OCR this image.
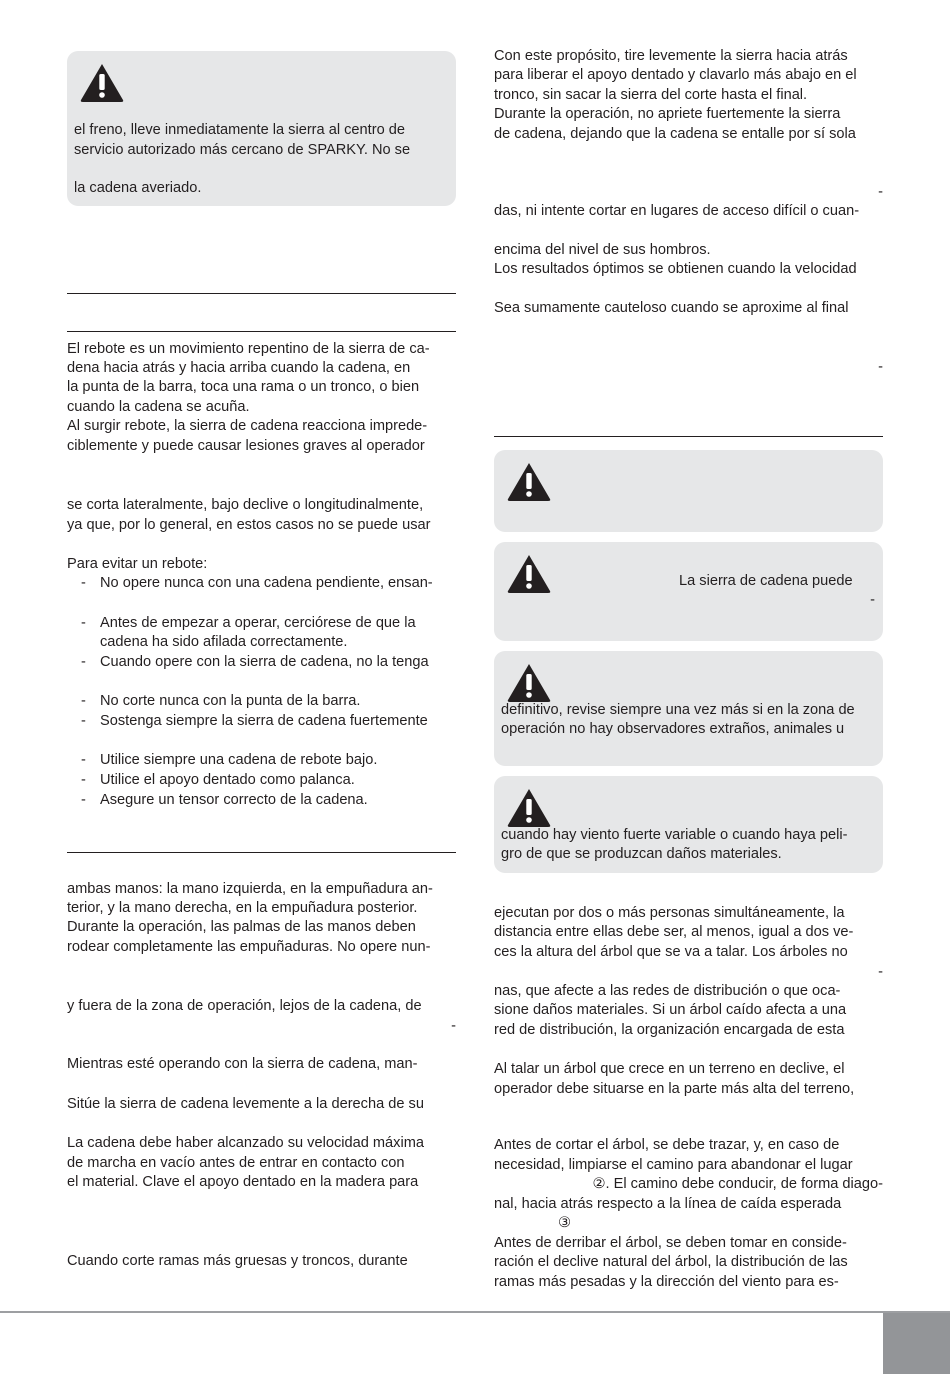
el freno, lleve inmediatamente la sierra al centro de

servicio autorizado más cercano de SPARKY. No se

la cadena averiado.

El rebote es un movimiento repentino de la sierra de ca-

dena hacia atrás y hacia arriba cuando la cadena, en

la punta de la barra, toca una rama o un tronco, o bien

cuando la cadena se acuña.

Al surgir rebote, la sierra de cadena reacciona imprede-

ciblemente y puede causar lesiones graves al operador

se corta lateralmente, bajo declive o longitudinalmente,

ya que, por lo general, en estos casos no se puede usar

Para evitar un rebote:

- No opere nunca con una cadena pendiente, ensan-
- Antes de empezar a operar, cerciórese de que la
cadena ha sido afilada correctamente.
- Cuando opere con la sierra de cadena, no la tenga
- No corte nunca con la punta de la barra.
- Sostenga siempre la sierra de cadena fuertemente
- Utilice siempre una cadena de rebote bajo.
- Utilice el apoyo dentado como palanca.
- Asegure un tensor correcto de la cadena.

ambas manos: la mano izquierda, en la empuñadura an-

terior, y la mano derecha, en la empuñadura posterior.

Durante la operación, las palmas de las manos deben

rodear completamente las empuñaduras. No opere nun-

y fuera de la zona de operación, lejos de la cadena, de

-

Mientras esté operando con la sierra de cadena, man-

Sitúe la sierra de cadena levemente a la derecha de su

La cadena debe haber alcanzado su velocidad máxima

de marcha en vacío antes de entrar en contacto con

el material. Clave el apoyo dentado en la madera para

Cuando corte ramas más gruesas y troncos, durante

Con este propósito, tire levemente la sierra hacia atrás

para liberar el apoyo dentado y clavarlo más abajo en el

tronco, sin sacar la sierra del corte hasta el final.

Durante la operación, no apriete fuertemente la sierra

de cadena, dejando que la cadena se entalle por sí sola

-

das, ni intente cortar en lugares de acceso difícil o cuan-

encima del nivel de sus hombros.

Los resultados óptimos se obtienen cuando la velocidad

Sea sumamente cauteloso cuando se aproxime al final

-

La sierra de cadena puede

-

definitivo, revise siempre una vez más si en la zona de

operación no hay observadores extraños, animales u

cuando hay viento fuerte variable o cuando haya peli-

gro de que se produzcan daños materiales.

ejecutan por dos o más personas simultáneamente, la

distancia entre ellas debe ser, al menos, igual a dos ve-

ces la altura del árbol que se va a talar. Los árboles no

-

nas, que afecte a las redes de distribución o que oca-

sione daños materiales. Si un árbol caído afecta a una

red de distribución, la organización encargada de esta

Al talar un árbol que crece en un terreno en declive, el

operador debe situarse en la parte más alta del terreno,

Antes de cortar el árbol, se debe trazar, y, en caso de

necesidad, limpiarse el camino para abandonar el lugar

②. El camino debe conducir, de forma diago-

nal, hacia atrás respecto a la línea de caída esperada

③

Antes de derribar el árbol, se deben tomar en conside-

ración el declive natural del árbol, la distribución de las

ramas más pesadas y la dirección del viento para es-
